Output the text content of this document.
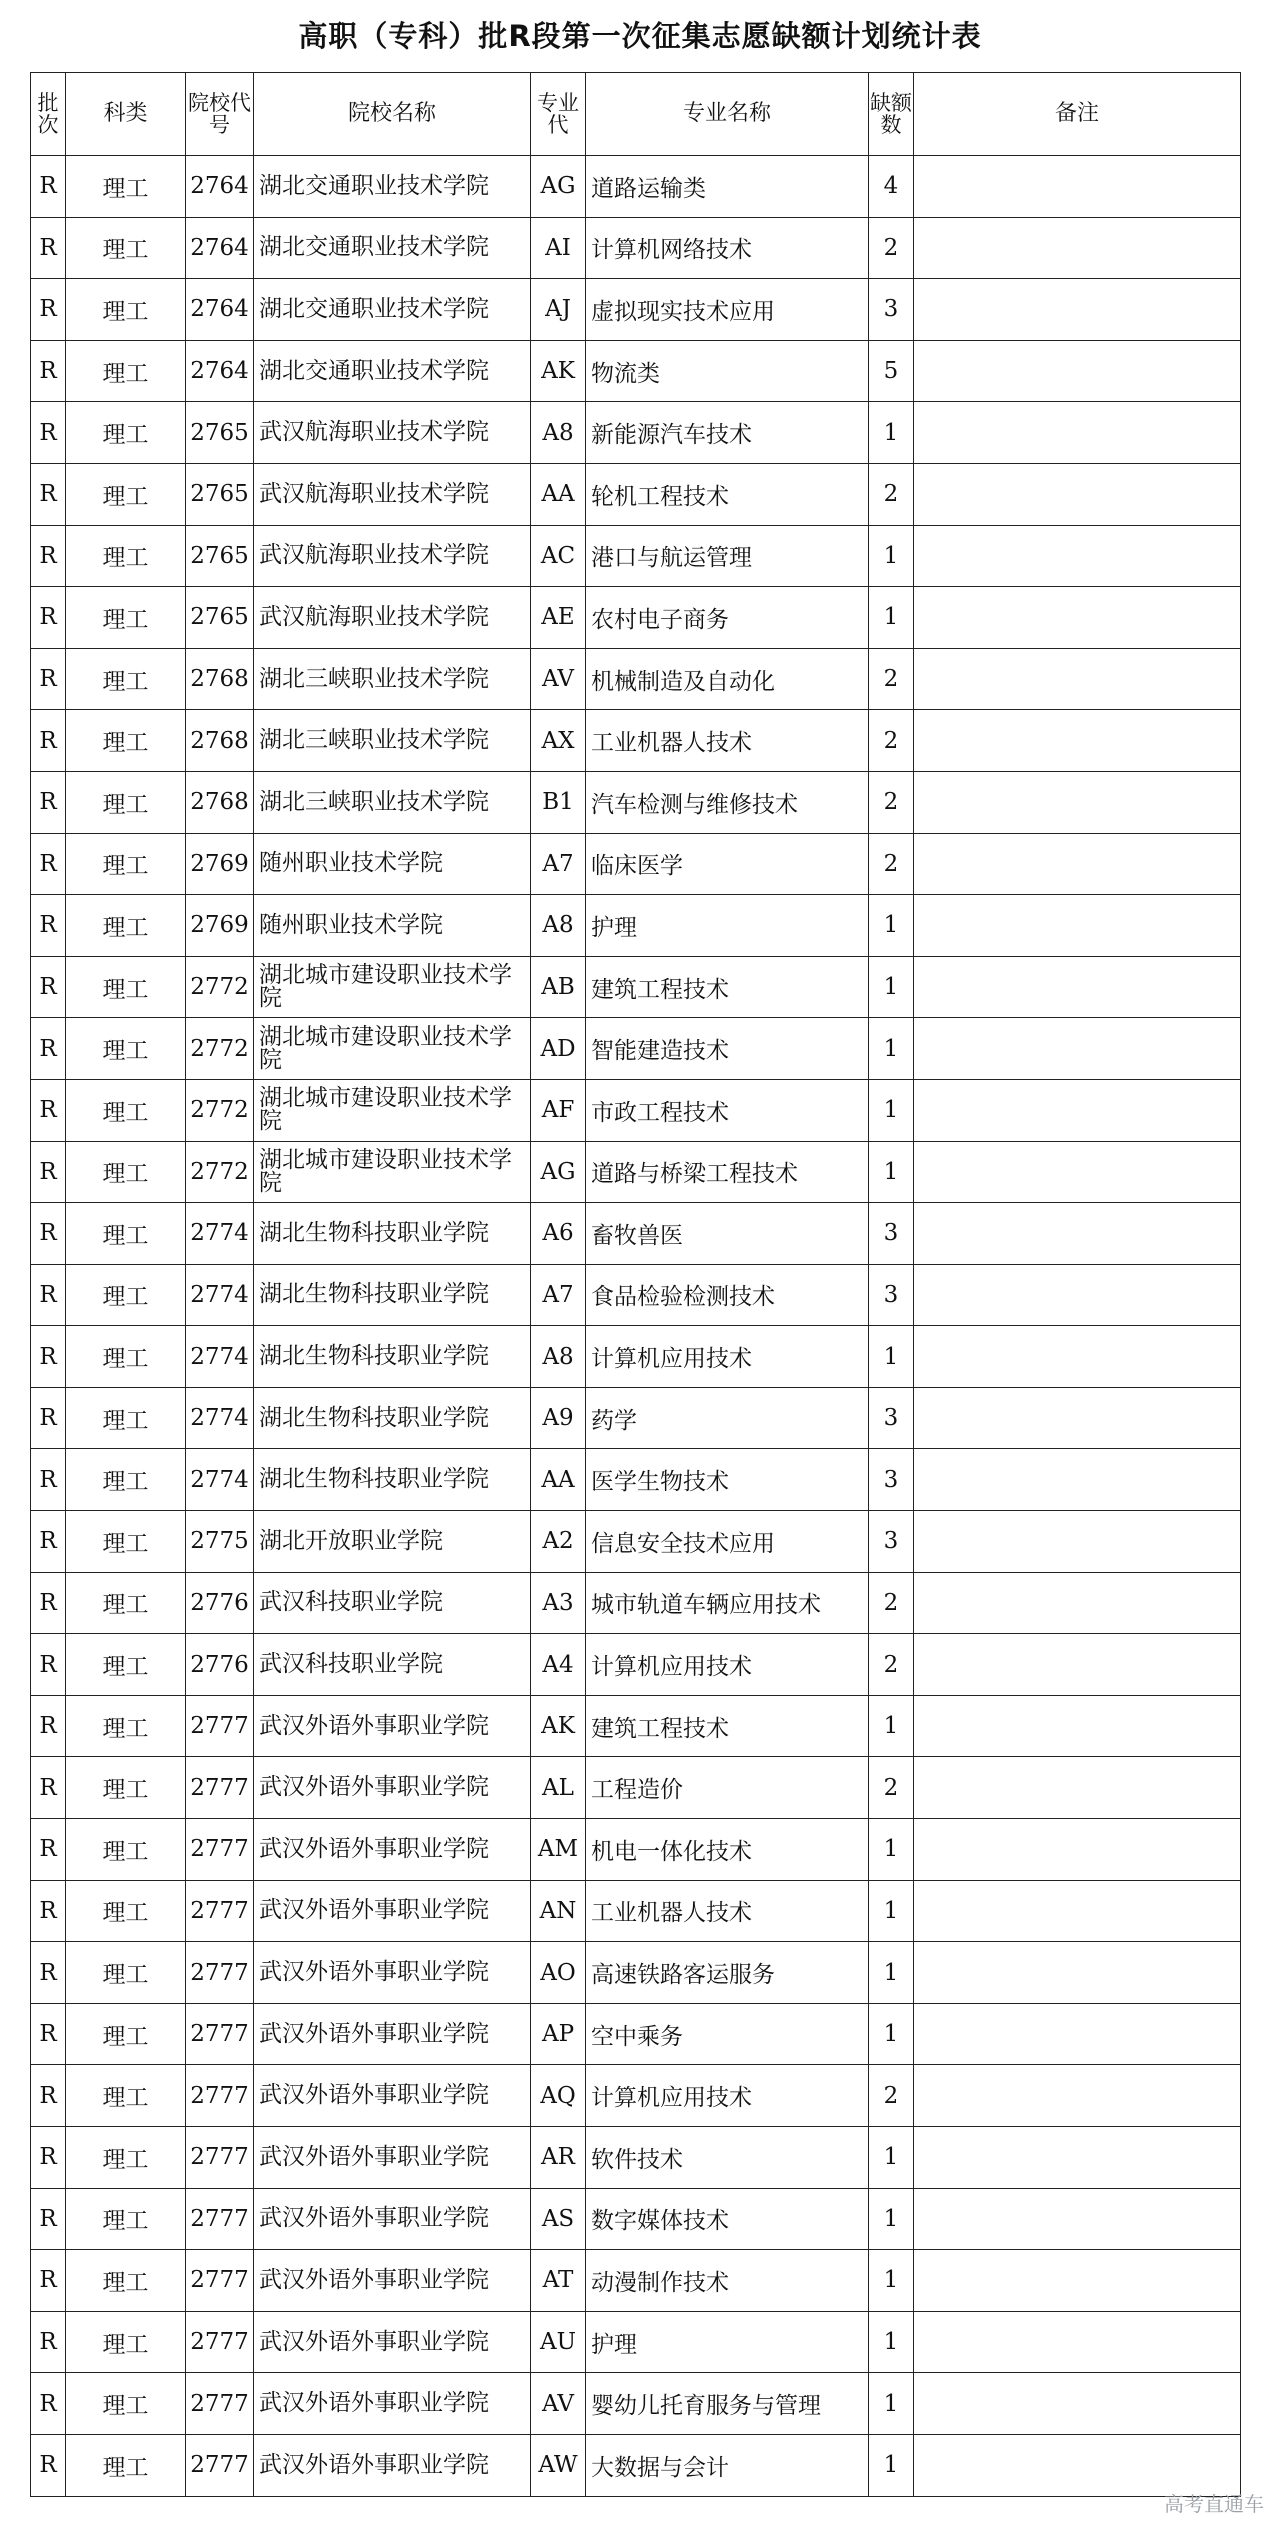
高职（专科）批R段第一次征集志愿缺额计划统计表
批次	科类	院校代号	院校名称	专业代	专业名称	缺额数	备注
R	理工	2764	湖北交通职业技术学院	AG	道路运输类	4	
R	理工	2764	湖北交通职业技术学院	AI	计算机网络技术	2	
R	理工	2764	湖北交通职业技术学院	AJ	虚拟现实技术应用	3	
R	理工	2764	湖北交通职业技术学院	AK	物流类	5	
R	理工	2765	武汉航海职业技术学院	A8	新能源汽车技术	1	
R	理工	2765	武汉航海职业技术学院	AA	轮机工程技术	2	
R	理工	2765	武汉航海职业技术学院	AC	港口与航运管理	1	
R	理工	2765	武汉航海职业技术学院	AE	农村电子商务	1	
R	理工	2768	湖北三峡职业技术学院	AV	机械制造及自动化	2	
R	理工	2768	湖北三峡职业技术学院	AX	工业机器人技术	2	
R	理工	2768	湖北三峡职业技术学院	B1	汽车检测与维修技术	2	
R	理工	2769	随州职业技术学院	A7	临床医学	2	
R	理工	2769	随州职业技术学院	A8	护理	1	
R	理工	2772	湖北城市建设职业技术学院	AB	建筑工程技术	1	
R	理工	2772	湖北城市建设职业技术学院	AD	智能建造技术	1	
R	理工	2772	湖北城市建设职业技术学院	AF	市政工程技术	1	
R	理工	2772	湖北城市建设职业技术学院	AG	道路与桥梁工程技术	1	
R	理工	2774	湖北生物科技职业学院	A6	畜牧兽医	3	
R	理工	2774	湖北生物科技职业学院	A7	食品检验检测技术	3	
R	理工	2774	湖北生物科技职业学院	A8	计算机应用技术	1	
R	理工	2774	湖北生物科技职业学院	A9	药学	3	
R	理工	2774	湖北生物科技职业学院	AA	医学生物技术	3	
R	理工	2775	湖北开放职业学院	A2	信息安全技术应用	3	
R	理工	2776	武汉科技职业学院	A3	城市轨道车辆应用技术	2	
R	理工	2776	武汉科技职业学院	A4	计算机应用技术	2	
R	理工	2777	武汉外语外事职业学院	AK	建筑工程技术	1	
R	理工	2777	武汉外语外事职业学院	AL	工程造价	2	
R	理工	2777	武汉外语外事职业学院	AM	机电一体化技术	1	
R	理工	2777	武汉外语外事职业学院	AN	工业机器人技术	1	
R	理工	2777	武汉外语外事职业学院	AO	高速铁路客运服务	1	
R	理工	2777	武汉外语外事职业学院	AP	空中乘务	1	
R	理工	2777	武汉外语外事职业学院	AQ	计算机应用技术	2	
R	理工	2777	武汉外语外事职业学院	AR	软件技术	1	
R	理工	2777	武汉外语外事职业学院	AS	数字媒体技术	1	
R	理工	2777	武汉外语外事职业学院	AT	动漫制作技术	1	
R	理工	2777	武汉外语外事职业学院	AU	护理	1	
R	理工	2777	武汉外语外事职业学院	AV	婴幼儿托育服务与管理	1	
R	理工	2777	武汉外语外事职业学院	AW	大数据与会计	1	
高考直通车
